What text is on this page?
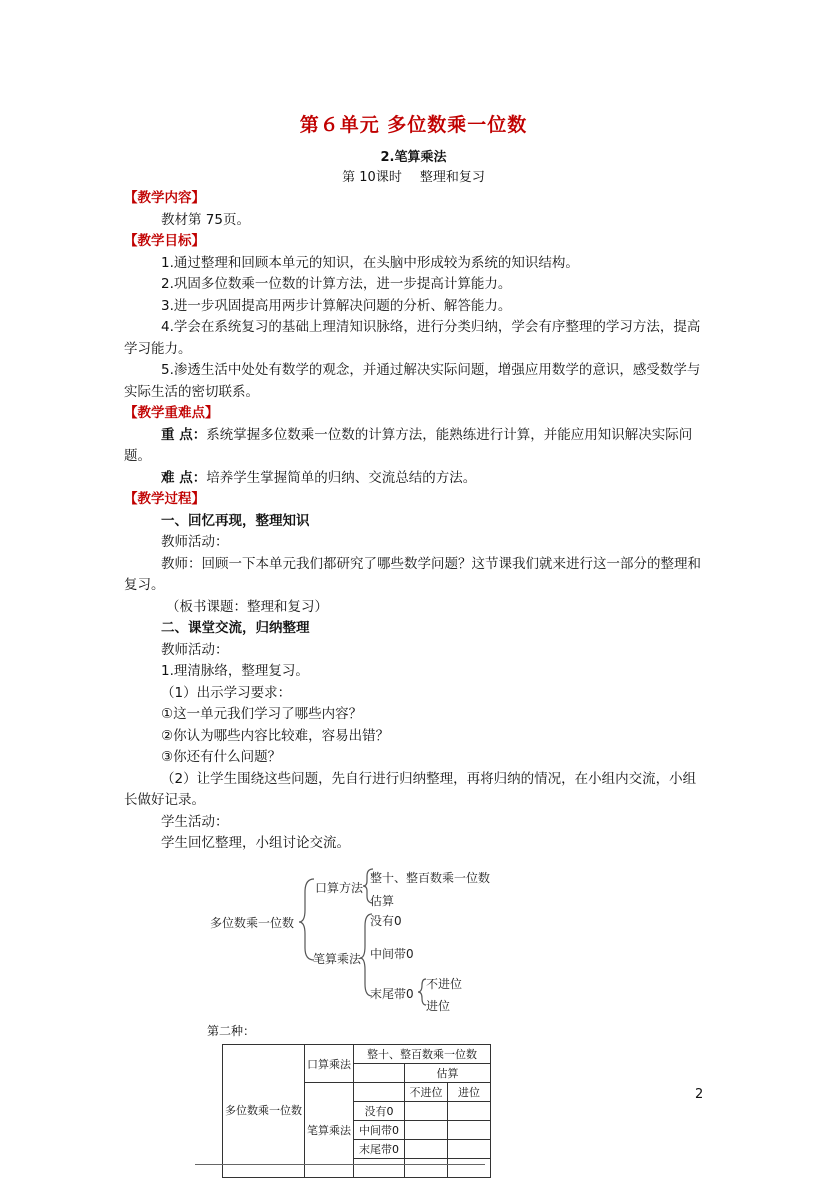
第６单元 多位数乘一位数
2.笔算乘法
第 10课时 整理和复习

【教学内容】

教材第 75页。

【教学目标】

1.通过整理和回顾本单元的知识，在头脑中形成较为系统的知识结构。

2.巩固多位数乘一位数的计算方法，进一步提高计算能力。

3.进一步巩固提高用两步计算解决问题的分析、解答能力。

4.学会在系统复习的基础上理清知识脉络，进行分类归纳，学会有序整理的学习方法，提高学习能力。

5.渗透生活中处处有数学的观念，并通过解决实际问题，增强应用数学的意识，感受数学与实际生活的密切联系。

【教学重难点】

重 点：系统掌握多位数乘一位数的计算方法，能熟练进行计算，并能应用知识解决实际问题。

难 点：培养学生掌握简单的归纳、交流总结的方法。

【教学过程】

一、回忆再现，整理知识

教师活动：

教师：回顾一下本单元我们都研究了哪些数学问题？这节课我们就来进行这一部分的整理和复习。

（板书课题：整理和复习）

二、课堂交流，归纳整理

教师活动：

1.理清脉络，整理复习。

（1）出示学习要求：

①这一单元我们学习了哪些内容？

②你认为哪些内容比较难，容易出错？

③你还有什么问题？

（2）让学生围绕这些问题，先自行进行归纳整理，再将归纳的情况，在小组内交流，小组长做好记录。

学生活动：

学生回忆整理，小组讨论交流。

多位数乘一位数
口算方法
整十、整百数乘一位数
估算
笔算乘法
没有0
中间带0
末尾带0
不进位
进位
第二种：
多位数乘一位数	口算乘法	整十、整百数乘一位数		
			估算	
	笔算乘法		不进位	进位
		没有0		
		中间带0		
		末尾带0		

2
